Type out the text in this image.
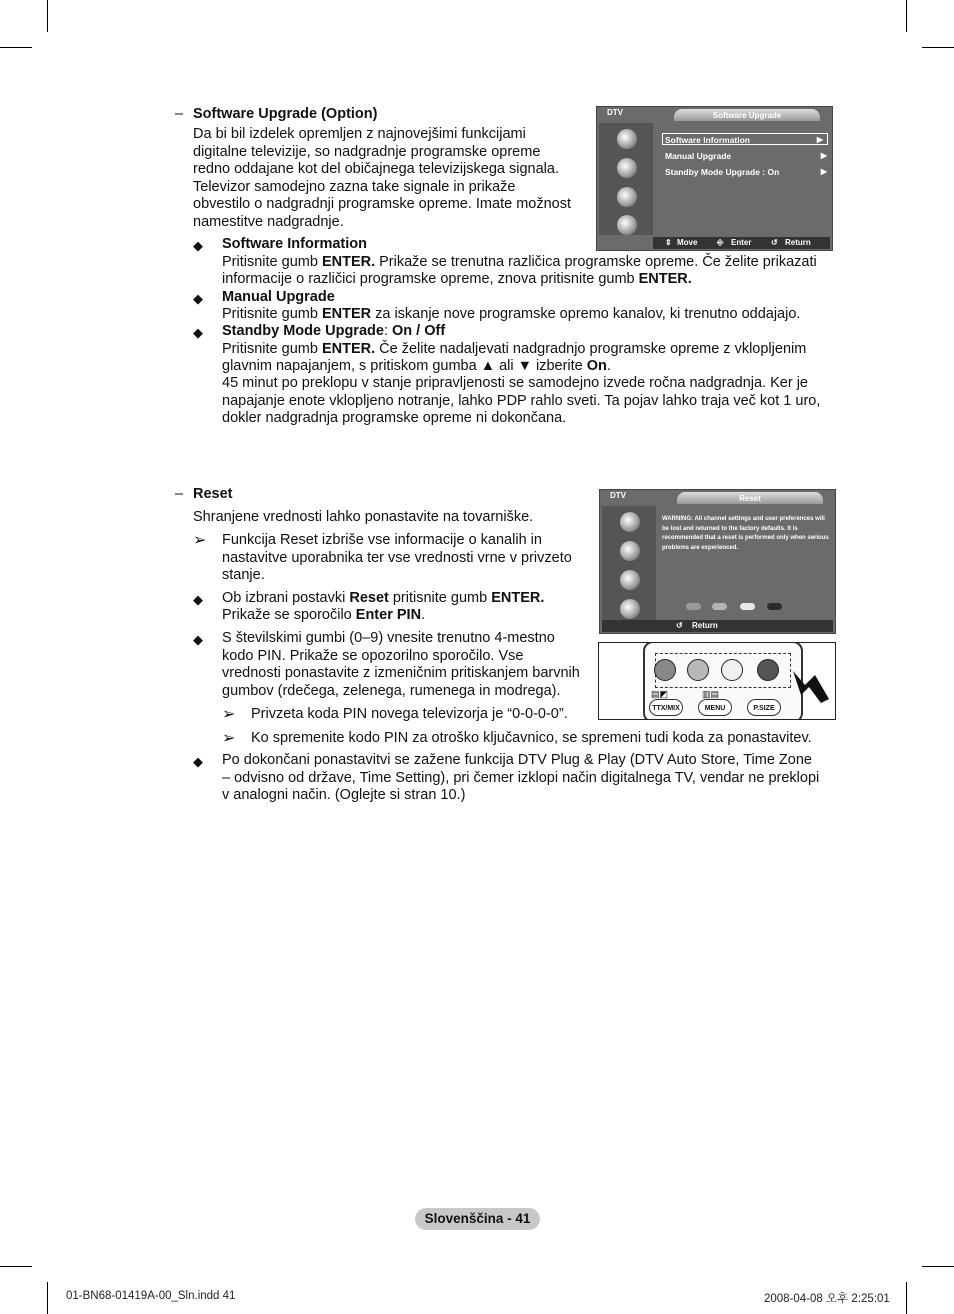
– Software Upgrade (Option)
Da bi bil izdelek opremljen z najnovejšimi funkcijami
digitalne televizije, so nadgradnje programske opreme
redno oddajane kot del običajnega televizijskega signala.
Televizor samodejno zazna take signale in prikaže
obvestilo o nadgradnji programske opreme. Imate možnost
namestitve nadgradnje.
◆ Software Information
Pritisnite gumb ENTER. Prikaže se trenutna različica programske opreme. Če želite prikazati
informacije o različici programske opreme, znova pritisnite gumb ENTER.
◆ Manual Upgrade
Pritisnite gumb ENTER za iskanje nove programske opremo kanalov, ki trenutno oddajajo.
◆ Standby Mode Upgrade: On / Off
Pritisnite gumb ENTER. Če želite nadaljevati nadgradnjo programske opreme z vklopljenim
glavnim napajanjem, s pritiskom gumba ▲ ali ▼ izberite On.
45 minut po preklopu v stanje pripravljenosti se samodejno izvede ročna nadgradnja. Ker je
napajanje enote vklopljeno notranje, lahko PDP rahlo sveti. Ta pojav lahko traja več kot 1 uro,
dokler nadgradnja programske opreme ni dokončana.
DTV	Software Upgrade
Software Information	▶
Manual Upgrade	▶
Standby Mode Upgrade : On	▶
⇕ Move ⎆ Enter ↺ Return
– Reset
Shranjene vrednosti lahko ponastavite na tovarniške.
➢ Funkcija Reset izbriše vse informacije o kanalih in
nastavitve uporabnika ter vse vrednosti vrne v privzeto
stanje.
◆ Ob izbrani postavki Reset pritisnite gumb ENTER.
Prikaže se sporočilo Enter PIN.
◆ S številskimi gumbi (0–9) vnesite trenutno 4-mestno
kodo PIN. Prikaže se opozorilno sporočilo. Vse
vrednosti ponastavite z izmeničnim pritiskanjem barvnih
gumbov (rdečega, zelenega, rumenega in modrega).
➢ Privzeta koda PIN novega televizorja je “0-0-0-0”.
➢ Ko spremenite kodo PIN za otroško ključavnico, se spremeni tudi koda za ponastavitev.
◆ Po dokončani ponastavitvi se zažene funkcija DTV Plug & Play (DTV Auto Store, Time Zone
– odvisno od države, Time Setting), pri čemer izklopi način digitalnega TV, vendar ne preklopi
v analogni način. (Oglejte si stran 10.)
DTV	Reset
WARNING: All channel settings and user preferences will be lost and returned to the factory defaults. It is recommended that a reset is performed only when serious problems are experienced.
↺ Return
TTX/MIX	MENU	P.SIZE
▤◩	▥▤
Slovenščina - 41
01-BN68-01419A-00_Sln.indd 41	2008-04-08 오후 2:25:01
